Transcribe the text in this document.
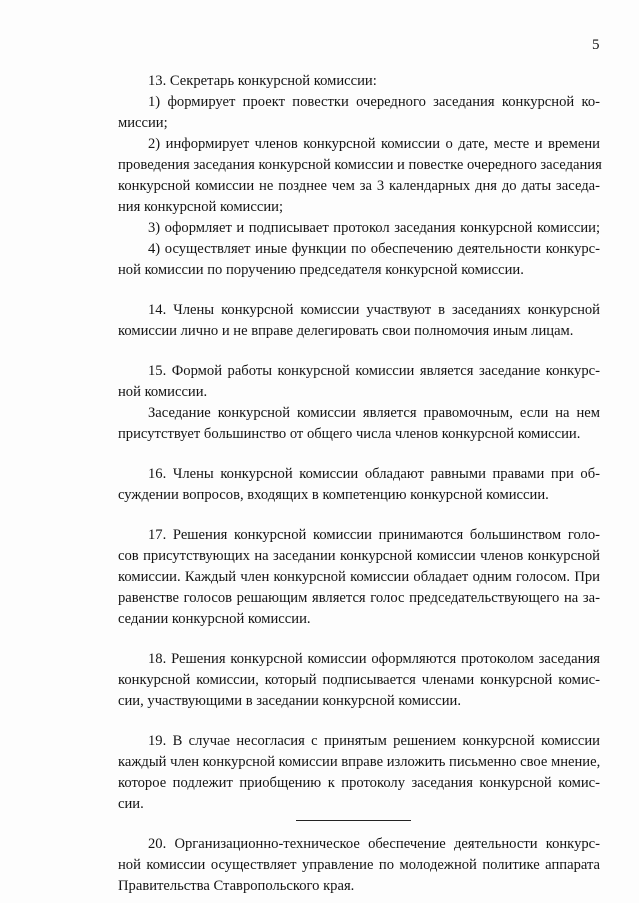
5

13. Секретарь конкурсной комиссии:

1) формирует проект повестки очередного заседания конкурсной ко-
миссии;

2) информирует членов конкурсной комиссии о дате, месте и времени
проведения заседания конкурсной комиссии и повестке очередного заседания
конкурсной комиссии не позднее чем за 3 календарных дня до даты заседа-
ния конкурсной комиссии;

3) оформляет и подписывает протокол заседания конкурсной комиссии;

4) осуществляет иные функции по обеспечению деятельности конкурс-
ной комиссии по поручению председателя конкурсной комиссии.

14. Члены конкурсной комиссии участвуют в заседаниях конкурсной
комиссии лично и не вправе делегировать свои полномочия иным лицам.

15. Формой работы конкурсной комиссии является заседание конкурс-
ной комиссии.

Заседание конкурсной комиссии является правомочным, если на нем
присутствует большинство от общего числа членов конкурсной комиссии.

16. Члены конкурсной комиссии обладают равными правами при об-
суждении вопросов, входящих в компетенцию конкурсной комиссии.

17. Решения конкурсной комиссии принимаются большинством голо-
сов присутствующих на заседании конкурсной комиссии членов конкурсной
комиссии. Каждый член конкурсной комиссии обладает одним голосом. При
равенстве голосов решающим является голос председательствующего на за-
седании конкурсной комиссии.

18. Решения конкурсной комиссии оформляются протоколом заседания
конкурсной комиссии, который подписывается членами конкурсной комис-
сии, участвующими в заседании конкурсной комиссии.

19. В случае несогласия с принятым решением конкурсной комиссии
каждый член конкурсной комиссии вправе изложить письменно свое мнение,
которое подлежит приобщению к протоколу заседания конкурсной комис-
сии.

20. Организационно-техническое обеспечение деятельности конкурс-
ной комиссии осуществляет управление по молодежной политике аппарата
Правительства Ставропольского края.
